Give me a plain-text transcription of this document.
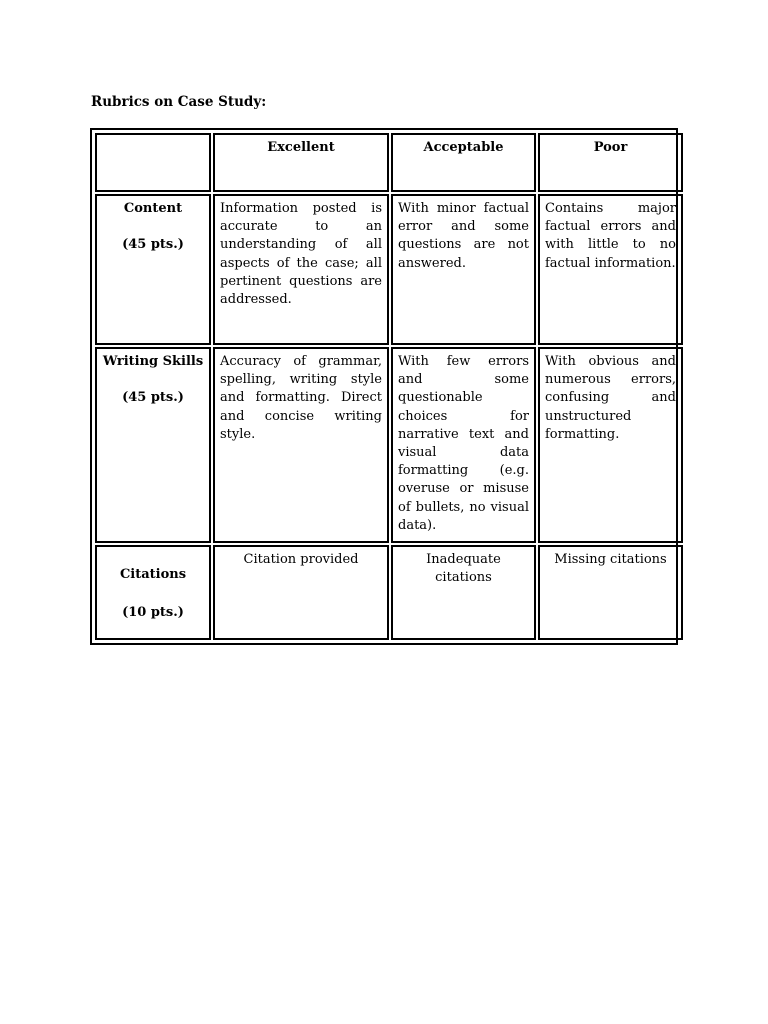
Rubrics on Case Study:
	Excellent	Acceptable	Poor
Content
(45 pts.)	Information posted is accurate to an understanding of all aspects of the case; all pertinent questions are addressed.	With minor factual error and some questions are not answered.	Contains major factual errors and with little to no factual information.
Writing Skills
(45 pts.)	Accuracy of grammar, spelling, writing style and formatting. Direct and concise writing style.	With few errors and some questionable choices for narrative text and visual data formatting (e.g. overuse or misuse of bullets, no visual data).	With obvious and numerous errors, confusing and unstructured formatting.
Citations
(10 pts.)	Citation provided	Inadequate citations	Missing citations
